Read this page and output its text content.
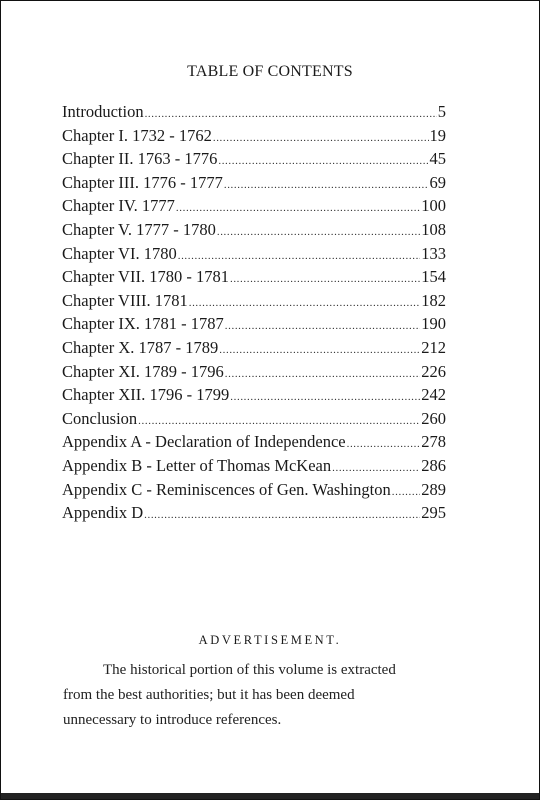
TABLE OF CONTENTS
Introduction .....	5
Chapter I. 1732 - 1762 .....	19
Chapter II. 1763 - 1776 .....	45
Chapter III. 1776 - 1777 .....	69
Chapter IV. 1777 .....	100
Chapter V. 1777 - 1780 .....	108
Chapter VI. 1780 .....	133
Chapter VII. 1780 - 1781 .....	154
Chapter VIII. 1781 .....	182
Chapter IX. 1781 - 1787 .....	190
Chapter X. 1787 - 1789 .....	212
Chapter XI. 1789 - 1796 .....	226
Chapter XII. 1796 - 1799 .....	242
Conclusion .....	260
Appendix A - Declaration of Independence .....	278
Appendix B - Letter of Thomas McKean .....	286
Appendix C - Reminiscences of Gen. Washington ..... 289
Appendix D .....	295
ADVERTISEMENT.
The historical portion of this volume is extracted
from the best authorities; but it has been deemed
unnecessary to introduce references.
